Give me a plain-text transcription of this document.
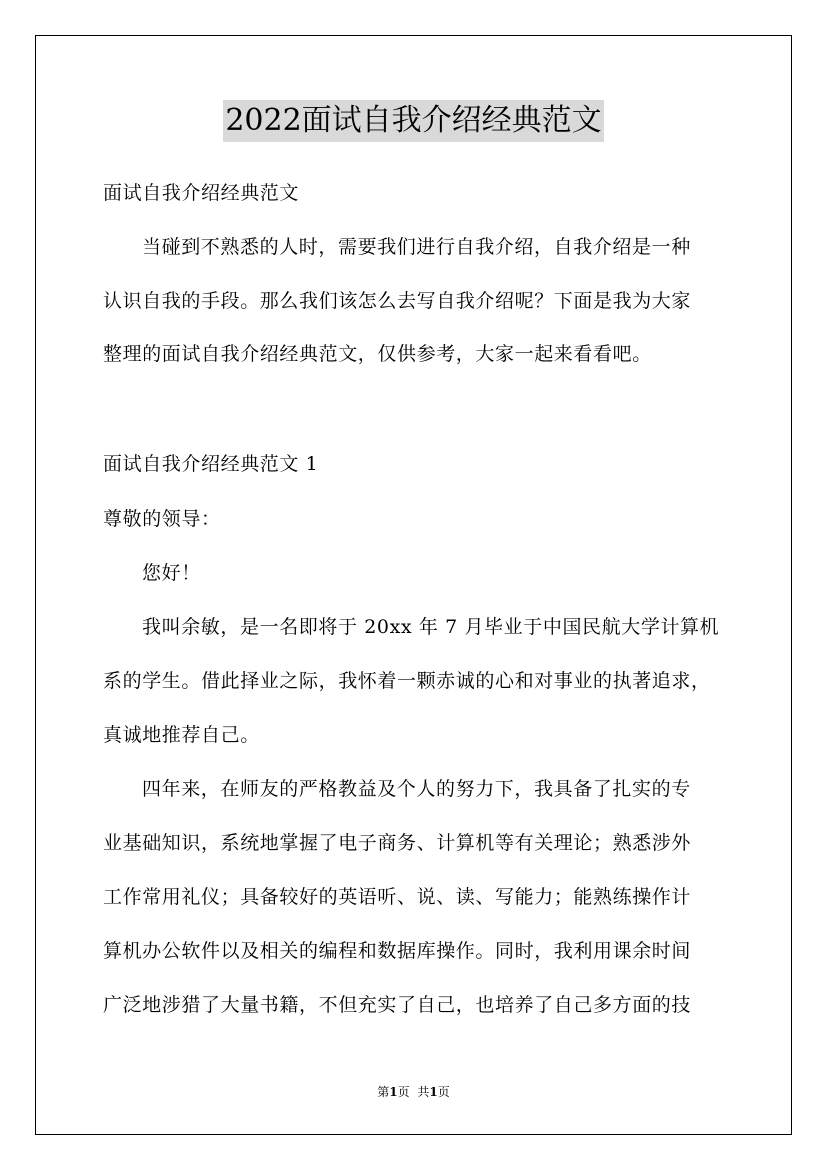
2022面试自我介绍经典范文
面试自我介绍经典范文
当碰到不熟悉的人时，需要我们进行自我介绍，自我介绍是一种
认识自我的手段。那么我们该怎么去写自我介绍呢？下面是我为大家
整理的面试自我介绍经典范文，仅供参考，大家一起来看看吧。
面试自我介绍经典范文 1
尊敬的领导：
您好！
我叫余敏，是一名即将于 20xx 年 7 月毕业于中国民航大学计算机
系的学生。借此择业之际，我怀着一颗赤诚的心和对事业的执著追求，
真诚地推荐自己。
四年来，在师友的严格教益及个人的努力下，我具备了扎实的专
业基础知识，系统地掌握了电子商务、计算机等有关理论；熟悉涉外
工作常用礼仪；具备较好的英语听、说、读、写能力；能熟练操作计
算机办公软件以及相关的编程和数据库操作。同时，我利用课余时间
广泛地涉猎了大量书籍，不但充实了自己，也培养了自己多方面的技
第1页 共1页
